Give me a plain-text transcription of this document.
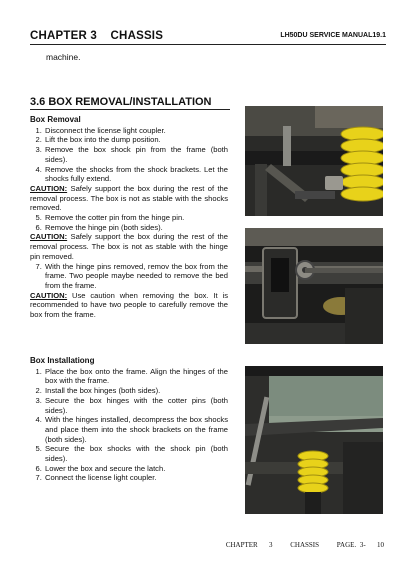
CHAPTER 3    CHASSIS	LH50DU SERVICE MANUAL19.1
machine.
3.6 BOX REMOVAL/INSTALLATION
Box Removal
1. Disconnect the license light coupler.
2. Lift the box into the dump position.
3. Remove the box shock pin from the frame (both sides).
4. Remove the shocks from the shock brackets. Let the shocks fully extend.

CAUTION: Safely support the box during the rest of the removal process. The box is not as stable with the shocks removed.

5. Remove the cotter pin from the hinge pin.
6. Remove the hinge pin (both sides).

CAUTION: Safely support the box during the rest of the removal process. The box is not as stable with the hinge pin removed.

7. With the hinge pins removed, remov the box from the frame. Two people maybe needed to remove the bed from the frame.

CAUTION: Use caution when removing the box. It is recommended to have two people to carefully remove the box from the frame.

Box Installationg
1. Place the box onto the frame. Align the hinges of the box with the frame.
2. Install the box hinges (both sides).
3. Secure the box hinges with the cotter pins (both sides).
4. With the hinges installed, decompress the box shocks and place them into the shock brackets on the frame (both sides).
5. Secure the box shocks with the shock pin (both sides).
6. Lower the box and secure the latch.
7. Connect the license light coupler.
CHAPTER   3	CHASSIS	PAGE. 3-   10
